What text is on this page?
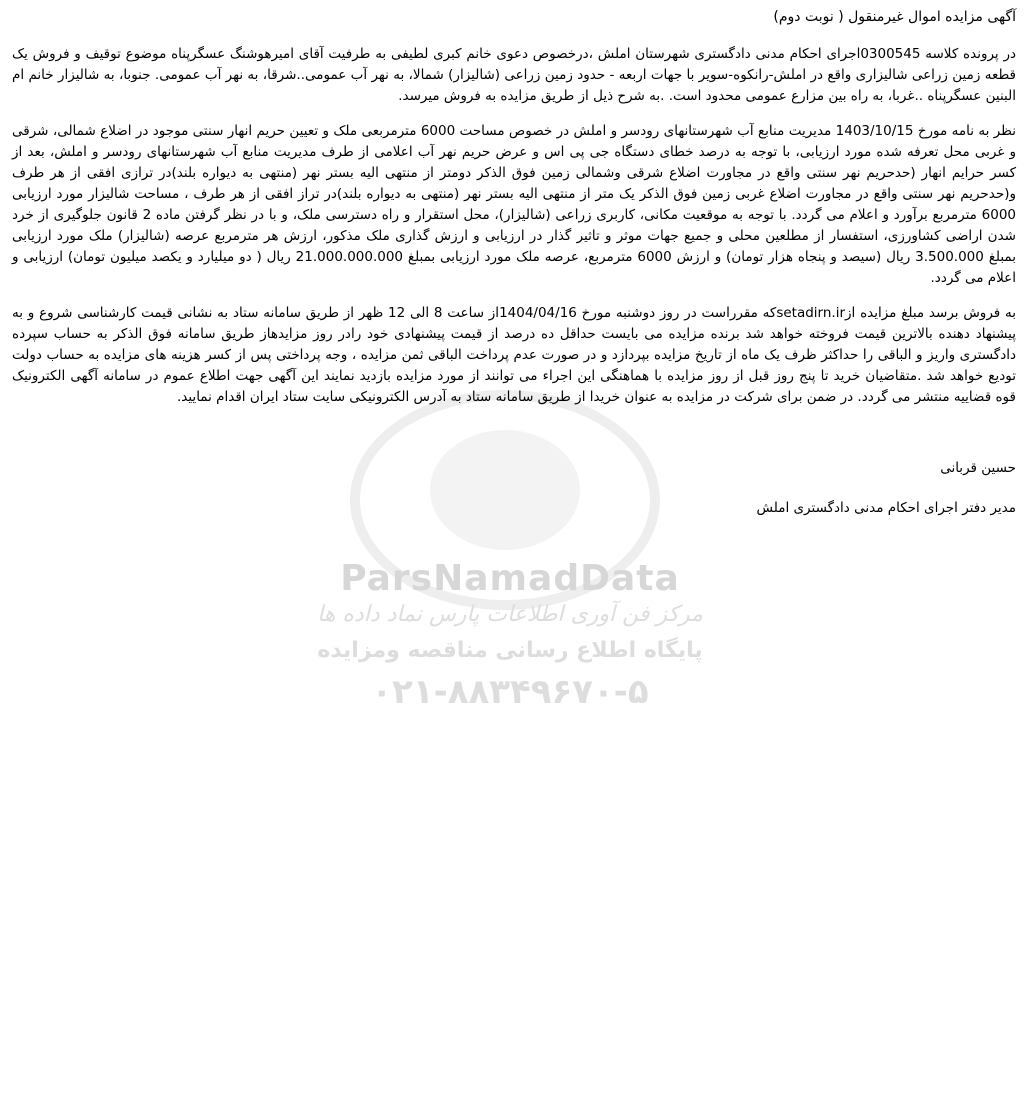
ParsNamadData
مرکز فن آوری اطلاعات پارس نماد داده ها
پایگاه اطلاع رسانی مناقصه ومزایده
۰۲۱-۸۸۳۴۹۶۷۰-۵
آگهی مزایده اموال غیرمنقول ( نوبت دوم)

در پرونده کلاسه 0300545اجرای احکام مدنی دادگستری شهرستان املش ،درخصوص دعوی خانم کبری لطیفی به طرفیت آقای امیرهوشنگ عسگرپناه موضوع توقیف و فروش یک قطعه زمین زراعی شالیزاری واقع در املش-رانکوه-سویر با جهات اربعه - حدود زمین زراعی (شالیزار) شمالا، به نهر آب عمومی..شرقا، به نهر آب عمومی. جنوبا، به شالیزار خانم ام البنین عسگرپناه ..غربا، به راه بین مزارع عمومی محدود است. .به شرح ذیل از طریق مزایده به فروش میرسد.

نظر به نامه مورخ 1403/10/15 مدیریت منابع آب شهرستانهای رودسر و املش در خصوص مساحت 6000 مترمربعی ملک و تعیین حریم انهار سنتی موجود در اضلاع شمالی، شرقی و غربی محل تعرفه شده مورد ارزیابی، با توجه به درصد خطای دستگاه جی پی اس و عرض حریم نهر آب اعلامی از طرف مدیریت منابع آب شهرستانهای رودسر و املش، بعد از کسر حرایم انهار (حدحریم نهر سنتی واقع در مجاورت اضلاع شرقی وشمالی زمین فوق الذکر دومتر از منتهی الیه بستر نهر (منتهی به دیواره بلند)در ترازی افقی از هر طرف و(حدحریم نهر سنتی واقع در مجاورت اضلاع غربی زمین فوق الذکر یک متر از منتهی الیه بستر نهر (منتهی به دیواره بلند)در تراز افقی از هر طرف ، مساحت شالیزار مورد ارزیابی 6000 مترمربع برآورد و اعلام می گردد. با توجه به موقعیت مکانی، کاربری زراعی (شالیزار)، محل استقرار و راه دسترسی ملک، و با در نظر گرفتن ماده 2 قانون جلوگیری از خرد شدن اراضی کشاورزی، استفسار از مطلعین محلی و جمیع جهات موثر و تاثیر گذار در ارزیابی و ارزش گذاری ملک مذکور، ارزش هر مترمربع عرصه (شالیزار) ملک مورد ارزیابی بمبلغ 3.500.000 ریال (سیصد و پنجاه هزار تومان) و ارزش 6000 مترمربع، عرصه ملک مورد ارزیابی بمبلغ 21.000.000.000 ریال ( دو میلیارد و یکصد میلیون تومان) ارزیابی و اعلام می گردد.

به فروش برسد مبلغ مزایده ازsetadirn.irکه مقرراست در روز دوشنبه مورخ 1404/04/16از ساعت 8 الی 12 ظهر از طریق سامانه ستاد به نشانی قیمت کارشناسی شروع و به پیشنهاد دهنده بالاترین قیمت فروخته خواهد شد برنده مزایده می بایست حداقل ده درصد از قیمت پیشنهادی خود رادر روز مزایدهاز طریق سامانه فوق الذکر به حساب سپرده دادگستری واریز و الباقی را حداکثر ظرف یک ماه از تاریخ مزایده بپردازد و در صورت عدم پرداخت الباقی ثمن مزایده ، وجه پرداختی پس از کسر هزینه های مزایده به حساب دولت تودیع خواهد شد .متقاضیان خرید تا پنج روز قبل از روز مزایده با هماهنگی این اجراء می توانند از مورد مزایده بازدید نمایند این آگهی جهت اطلاع عموم در سامانه آگهی الکترونیک قوه قضاییه منتشر می گردد. در ضمن برای شرکت در مزایده به عنوان خریدا از طریق سامانه ستاد به آدرس الکترونیکی سایت ستاد ایران اقدام نمایید.

حسین قربانی
مدیر دفتر اجرای احکام مدنی دادگستری املش
